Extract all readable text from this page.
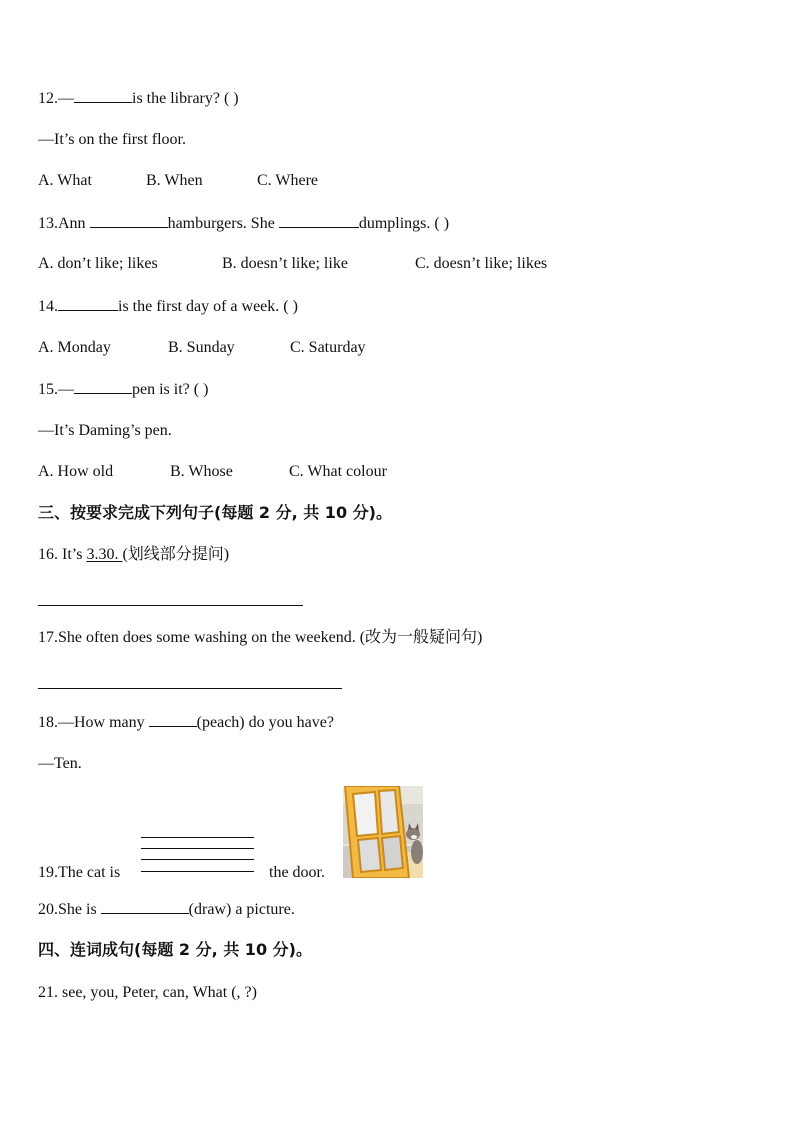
12.—	is the library? ( )
—It’s on the first floor.
A. What	B. When	C. Where
13.Ann	hamburgers. She	dumplings. ( )
A. don’t like; likes	B. doesn’t like; like	C. doesn’t like; likes
14.	is the first day of a week. ( )
A. Monday	B. Sunday	C. Saturday
15.—	pen is it? ( )
—It’s Daming’s pen.
A. How old	B. Whose	C. What colour
三、按要求完成下列句子(每题 2 分, 共 10 分)。
16. It’s 3.30. (划线部分提问)
17.She often does some washing on the weekend. (改为一般疑问句)
18.—How many	(peach) do you have?
—Ten.
19.The cat is	the door.
20.She is	(draw) a picture.
四、连词成句(每题 2 分, 共 10 分)。
21. see, you, Peter, can, What (, ?)
